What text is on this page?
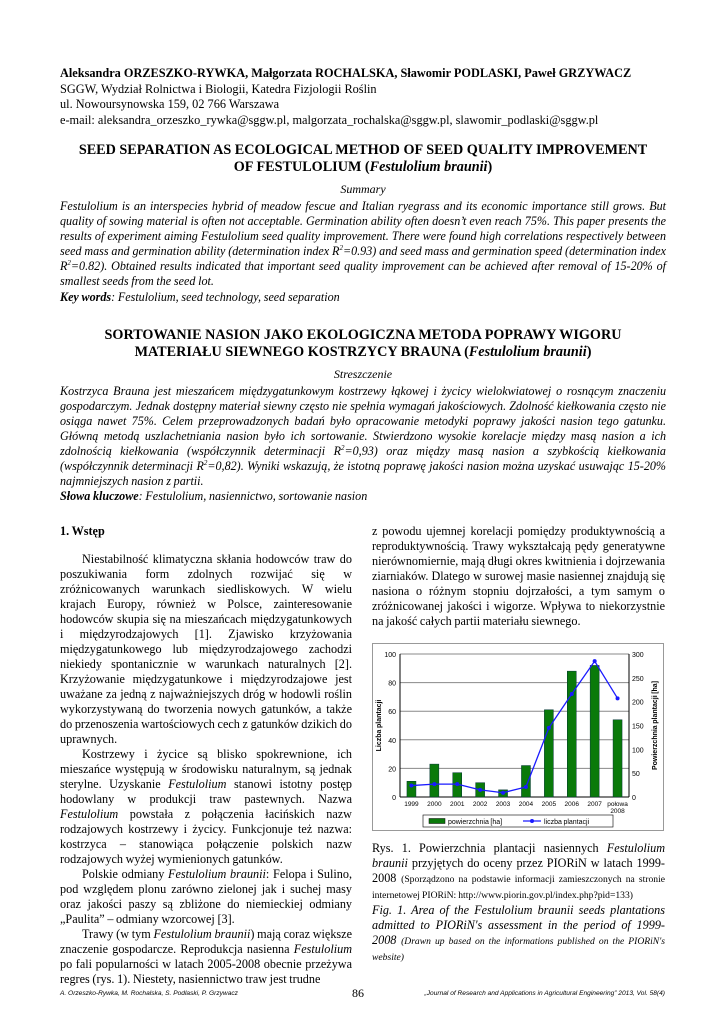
Aleksandra ORZESZKO-RYWKA, Małgorzata ROCHALSKA, Sławomir PODLASKI, Paweł GRZYWACZ
SGGW, Wydział Rolnictwa i Biologii, Katedra Fizjologii Roślin
ul. Nowoursynowska 159, 02 766 Warszawa
e-mail: aleksandra_orzeszko_rywka@sggw.pl, malgorzata_rochalska@sggw.pl, slawomir_podlaski@sggw.pl
SEED SEPARATION AS ECOLOGICAL METHOD OF SEED QUALITY IMPROVEMENT
OF FESTULOLIUM (Festulolium braunii)
Summary
Festulolium is an interspecies hybrid of meadow fescue and Italian ryegrass and its economic importance still grows. But quality of sowing material is often not acceptable. Germination ability often doesn’t even reach 75%. This paper presents the results of experiment aiming Festulolium seed quality improvement. There were found high correlations respectively between seed mass and germination ability (determination index $R^2=0.93$) and seed mass and germination speed (determination index $R^2=0.82$). Obtained results indicated that important seed quality improvement can be achieved after removal of 15-20% of smallest seeds from the seed lot.
Key words: Festulolium, seed technology, seed separation
SORTOWANIE NASION JAKO EKOLOGICZNA METODA POPRAWY WIGORU
MATERIAŁU SIEWNEGO KOSTRZYCY BRAUNA (Festulolium braunii)
Streszczenie
Kostrzyca Brauna jest mieszańcem międzygatunkowym kostrzewy łąkowej i życicy wielokwiatowej o rosnącym znaczeniu gospodarczym. Jednak dostępny materiał siewny często nie spełnia wymagań jakościowych. Zdolność kiełkowania często nie osiąga nawet 75%. Celem przeprowadzonych badań było opracowanie metodyki poprawy jakości nasion tego gatunku. Główną metodą uszlachetniania nasion było ich sortowanie. Stwierdzono wysokie korelacje między masą nasion a ich zdolnością kiełkowania (współczynnik determinacji $R^2=0,93$) oraz między masą nasion a szybkością kiełkowania (współczynnik determinacji $R^2=0,82$). Wyniki wskazują, że istotną poprawę jakości nasion można uzyskać usuwając 15-20% najmniejszych nasion z partii.
Słowa kluczowe: Festulolium, nasiennictwo, sortowanie nasion

1. Wstęp

Niestabilność klimatyczna skłania hodowców traw do poszukiwania form zdolnych rozwijać się w zróżnicowanych warunkach siedliskowych. W wielu krajach Europy, również w Polsce, zainteresowanie hodowców skupia się na mieszańcach międzygatunkowych i międzyrodzajowych [1]. Zjawisko krzyżowania międzygatunkowego lub międzyrodzajowego zachodzi niekiedy spontanicznie w warunkach naturalnych [2]. Krzyżowanie międzygatunkowe i międzyrodzajowe jest uważane za jedną z najważniejszych dróg w hodowli roślin wykorzystywaną do tworzenia nowych gatunków, a także do przenoszenia wartościowych cech z gatunków dzikich do uprawnych.

Kostrzewy i życice są blisko spokrewnione, ich mieszańce występują w środowisku naturalnym, są jednak sterylne. Uzyskanie Festulolium stanowi istotny postęp hodowlany w produkcji traw pastewnych. Nazwa Festulolium powstała z połączenia łacińskich nazw rodzajowych kostrzewy i życicy. Funkcjonuje też nazwa: kostrzyca – stanowiąca połączenie polskich nazw rodzajowych wyżej wymienionych gatunków.

Polskie odmiany Festulolium braunii: Felopa i Sulino, pod względem plonu zarówno zielonej jak i suchej masy oraz jakości paszy są zbliżone do niemieckiej odmiany „Paulita” – odmiany wzorcowej [3].

Trawy (w tym Festulolium braunii) mają coraz większe znaczenie gospodarcze. Reprodukcja nasienna Festulolium po fali popularności w latach 2005-2008 obecnie przeżywa regres (rys. 1). Niestety, nasiennictwo traw jest trudne

z powodu ujemnej korelacji pomiędzy produktywnością a reproduktywnością. Trawy wykształcają pędy generatywne nierównomiernie, mają długi okres kwitnienia i dojrzewania ziarniaków. Dlatego w surowej masie nasiennej znajdują się nasiona o różnym stopniu dojrzałości, a tym samym o zróżnicowanej jakości i wigorze. Wpływa to niekorzystnie na jakość całych partii materiału siewnego.

0
20
40
60
80
100
0
50
100
150
200
250
300
1999 2000 2001 2002 2003 2004 2005 2006 2007 połowa
2008
Liczba plantacji	Powierzchnia plantacji [ha]
powierzchnia [ha]	liczba plantacji
Rys. 1. Powierzchnia plantacji nasiennych Festulolium braunii przyjętych do oceny przez PIORiN w latach 1999-2008 (Sporządzono na podstawie informacji zamieszczonych na stronie internetowej PIORiN: http://www.piorin.gov.pl/index.php?pid=133)
Fig. 1. Area of the Festulolium braunii seeds plantations admitted to PIORiN's assessment in the period of 1999-2008 (Drawn up based on the informations published on the PIORiN's website)
A. Orzeszko-Rywka, M. Rochalska, S. Podlaski, P. Grzywacz	86	„Journal of Research and Applications in Agricultural Engineering” 2013, Vol. 58(4)
